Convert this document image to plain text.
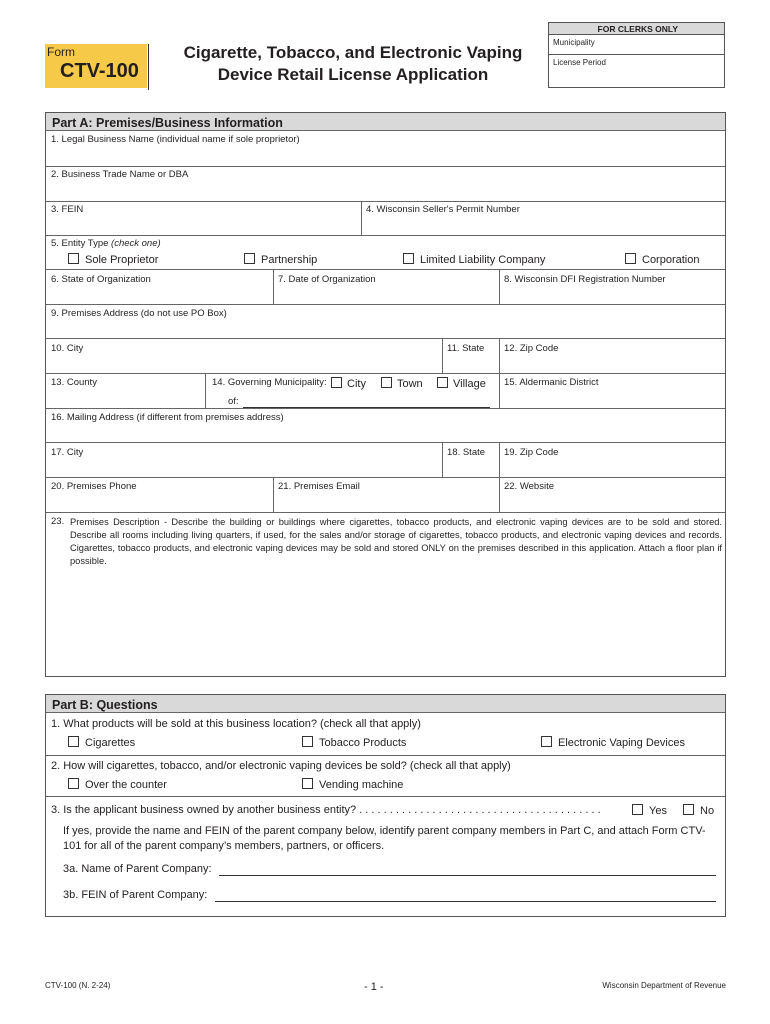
Form
CTV-100
Cigarette, Tobacco, and Electronic Vaping
Device Retail License Application
FOR CLERKS ONLY
Municipality
License Period
Part A: Premises/Business Information
1. Legal Business Name (individual name if sole proprietor)
2. Business Trade Name or DBA
3. FEIN	4. Wisconsin Seller's Permit Number
5. Entity Type (check one)
Sole Proprietor	Partnership	Limited Liability Company	Corporation
6. State of Organization	7. Date of Organization	8. Wisconsin DFI Registration Number
9. Premises Address (do not use PO Box)
10. City	11. State 12. Zip Code
13. County	14. Governing Municipality:	City	Town	Village
of:
15. Aldermanic District
16. Mailing Address (if different from premises address)
17. City	18. State 19. Zip Code
20. Premises Phone	21. Premises Email	22. Website
23. Premises Description - Describe the building or buildings where cigarettes, tobacco products, and electronic vaping devices are to be sold and stored. Describe all rooms including living quarters, if used, for the sales and/or storage of cigarettes, tobacco products, and electronic vaping devices and records. Cigarettes, tobacco products, and electronic vaping devices may be sold and stored ONLY on the premises described in this application. Attach a floor plan if possible.
Part B: Questions
1. What products will be sold at this business location? (check all that apply)
Cigarettes	Tobacco Products	Electronic Vaping Devices
2. How will cigarettes, tobacco, and/or electronic vaping devices be sold? (check all that apply)
Over the counter	Vending machine
3. Is the applicant business owned by another business entity? . . . . . . . . . . . . . . . . . . . . . . . . . . . . . . . . . . . . . . . .	Yes	No
If yes, provide the name and FEIN of the parent company below, identify parent company members in Part C, and attach Form CTV-101 for all of the parent company’s members, partners, or officers.
3a. Name of Parent Company:
3b. FEIN of Parent Company:
CTV-100 (N. 2-24)	- 1 -	Wisconsin Department of Revenue
